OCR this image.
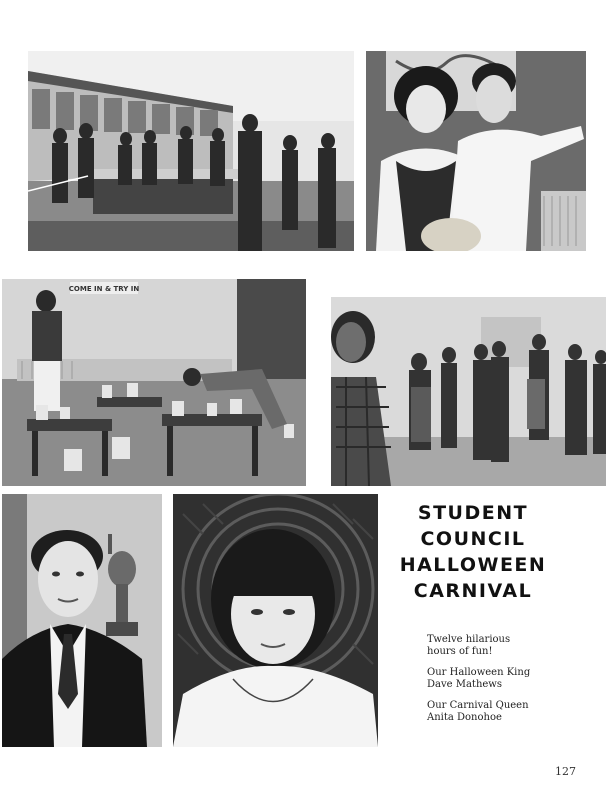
COME IN & TRY IN
STUDENT
COUNCIL
HALLOWEEN
CARNIVAL

Twelve hilarious
hours of fun!

Our Halloween King
Dave Mathews

Our Carnival Queen
Anita Donohoe

127
